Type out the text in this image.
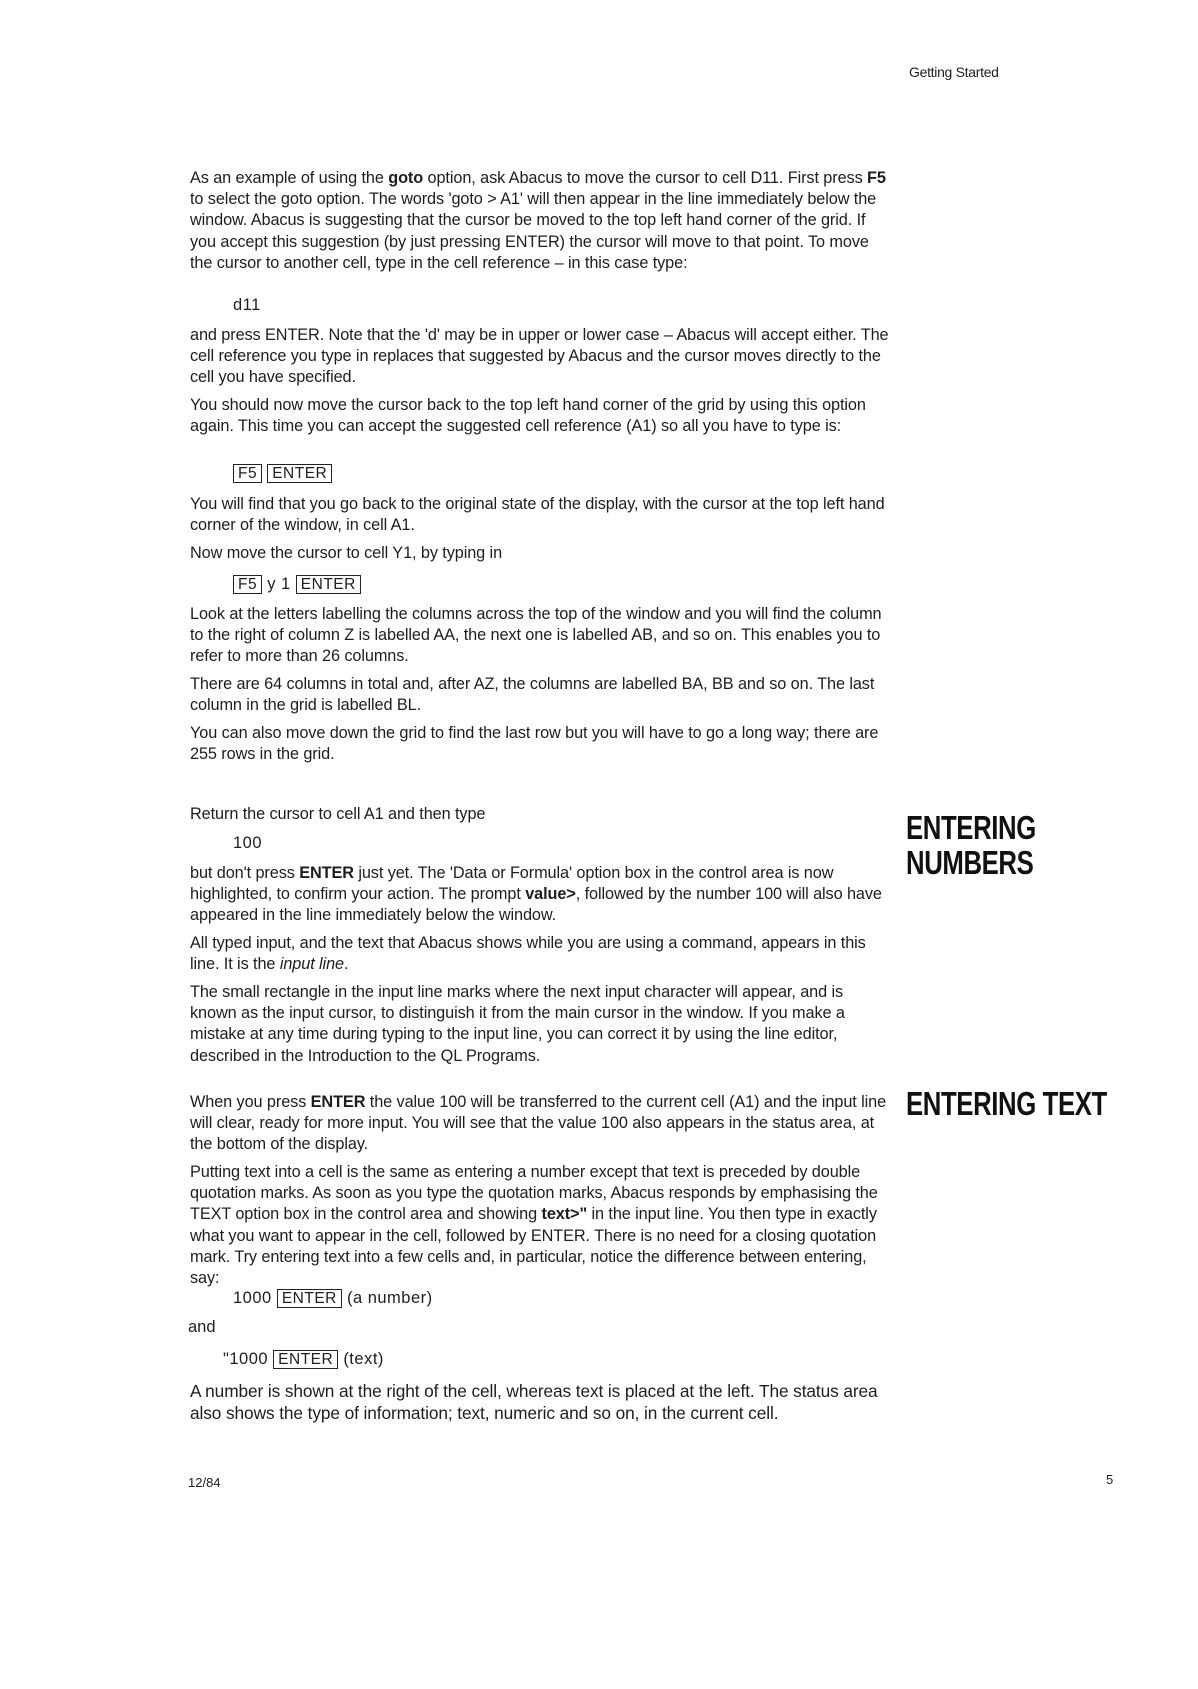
Getting Started

As an example of using the goto option, ask Abacus to move the cursor to cell D11. First press F5 to select the goto option. The words 'goto > A1' will then appear in the line immediately below the window. Abacus is suggesting that the cursor be moved to the top left hand corner of the grid. If you accept this suggestion (by just pressing ENTER) the cursor will move to that point. To move the cursor to another cell, type in the cell reference – in this case type:

d11

and press ENTER. Note that the 'd' may be in upper or lower case – Abacus will accept either. The cell reference you type in replaces that suggested by Abacus and the cursor moves directly to the cell you have specified.

You should now move the cursor back to the top left hand corner of the grid by using this option again. This time you can accept the suggested cell reference (A1) so all you have to type is:

F5 ENTER

You will find that you go back to the original state of the display, with the cursor at the top left hand corner of the window, in cell A1.

Now move the cursor to cell Y1, by typing in

F5 y 1 ENTER

Look at the letters labelling the columns across the top of the window and you will find the column to the right of column Z is labelled AA, the next one is labelled AB, and so on. This enables you to refer to more than 26 columns.

There are 64 columns in total and, after AZ, the columns are labelled BA, BB and so on. The last column in the grid is labelled BL.

You can also move down the grid to find the last row but you will have to go a long way; there are 255 rows in the grid.

ENTERING
NUMBERS

Return the cursor to cell A1 and then type

100

but don't press ENTER just yet. The 'Data or Formula' option box in the control area is now highlighted, to confirm your action. The prompt value>, followed by the number 100 will also have appeared in the line immediately below the window.

All typed input, and the text that Abacus shows while you are using a command, appears in this line. It is the input line.

The small rectangle in the input line marks where the next input character will appear, and is known as the input cursor, to distinguish it from the main cursor in the window. If you make a mistake at any time during typing to the input line, you can correct it by using the line editor, described in the Introduction to the QL Programs.

ENTERING TEXT

When you press ENTER the value 100 will be transferred to the current cell (A1) and the input line will clear, ready for more input. You will see that the value 100 also appears in the status area, at the bottom of the display.

Putting text into a cell is the same as entering a number except that text is preceded by double quotation marks. As soon as you type the quotation marks, Abacus responds by emphasising the TEXT option box in the control area and showing text>" in the input line. You then type in exactly what you want to appear in the cell, followed by ENTER. There is no need for a closing quotation mark. Try entering text into a few cells and, in particular, notice the difference between entering, say:

1000 ENTER (a number)
and
"1000 ENTER (text)

A number is shown at the right of the cell, whereas text is placed at the left. The status area also shows the type of information; text, numeric and so on, in the current cell.

12/84	5
